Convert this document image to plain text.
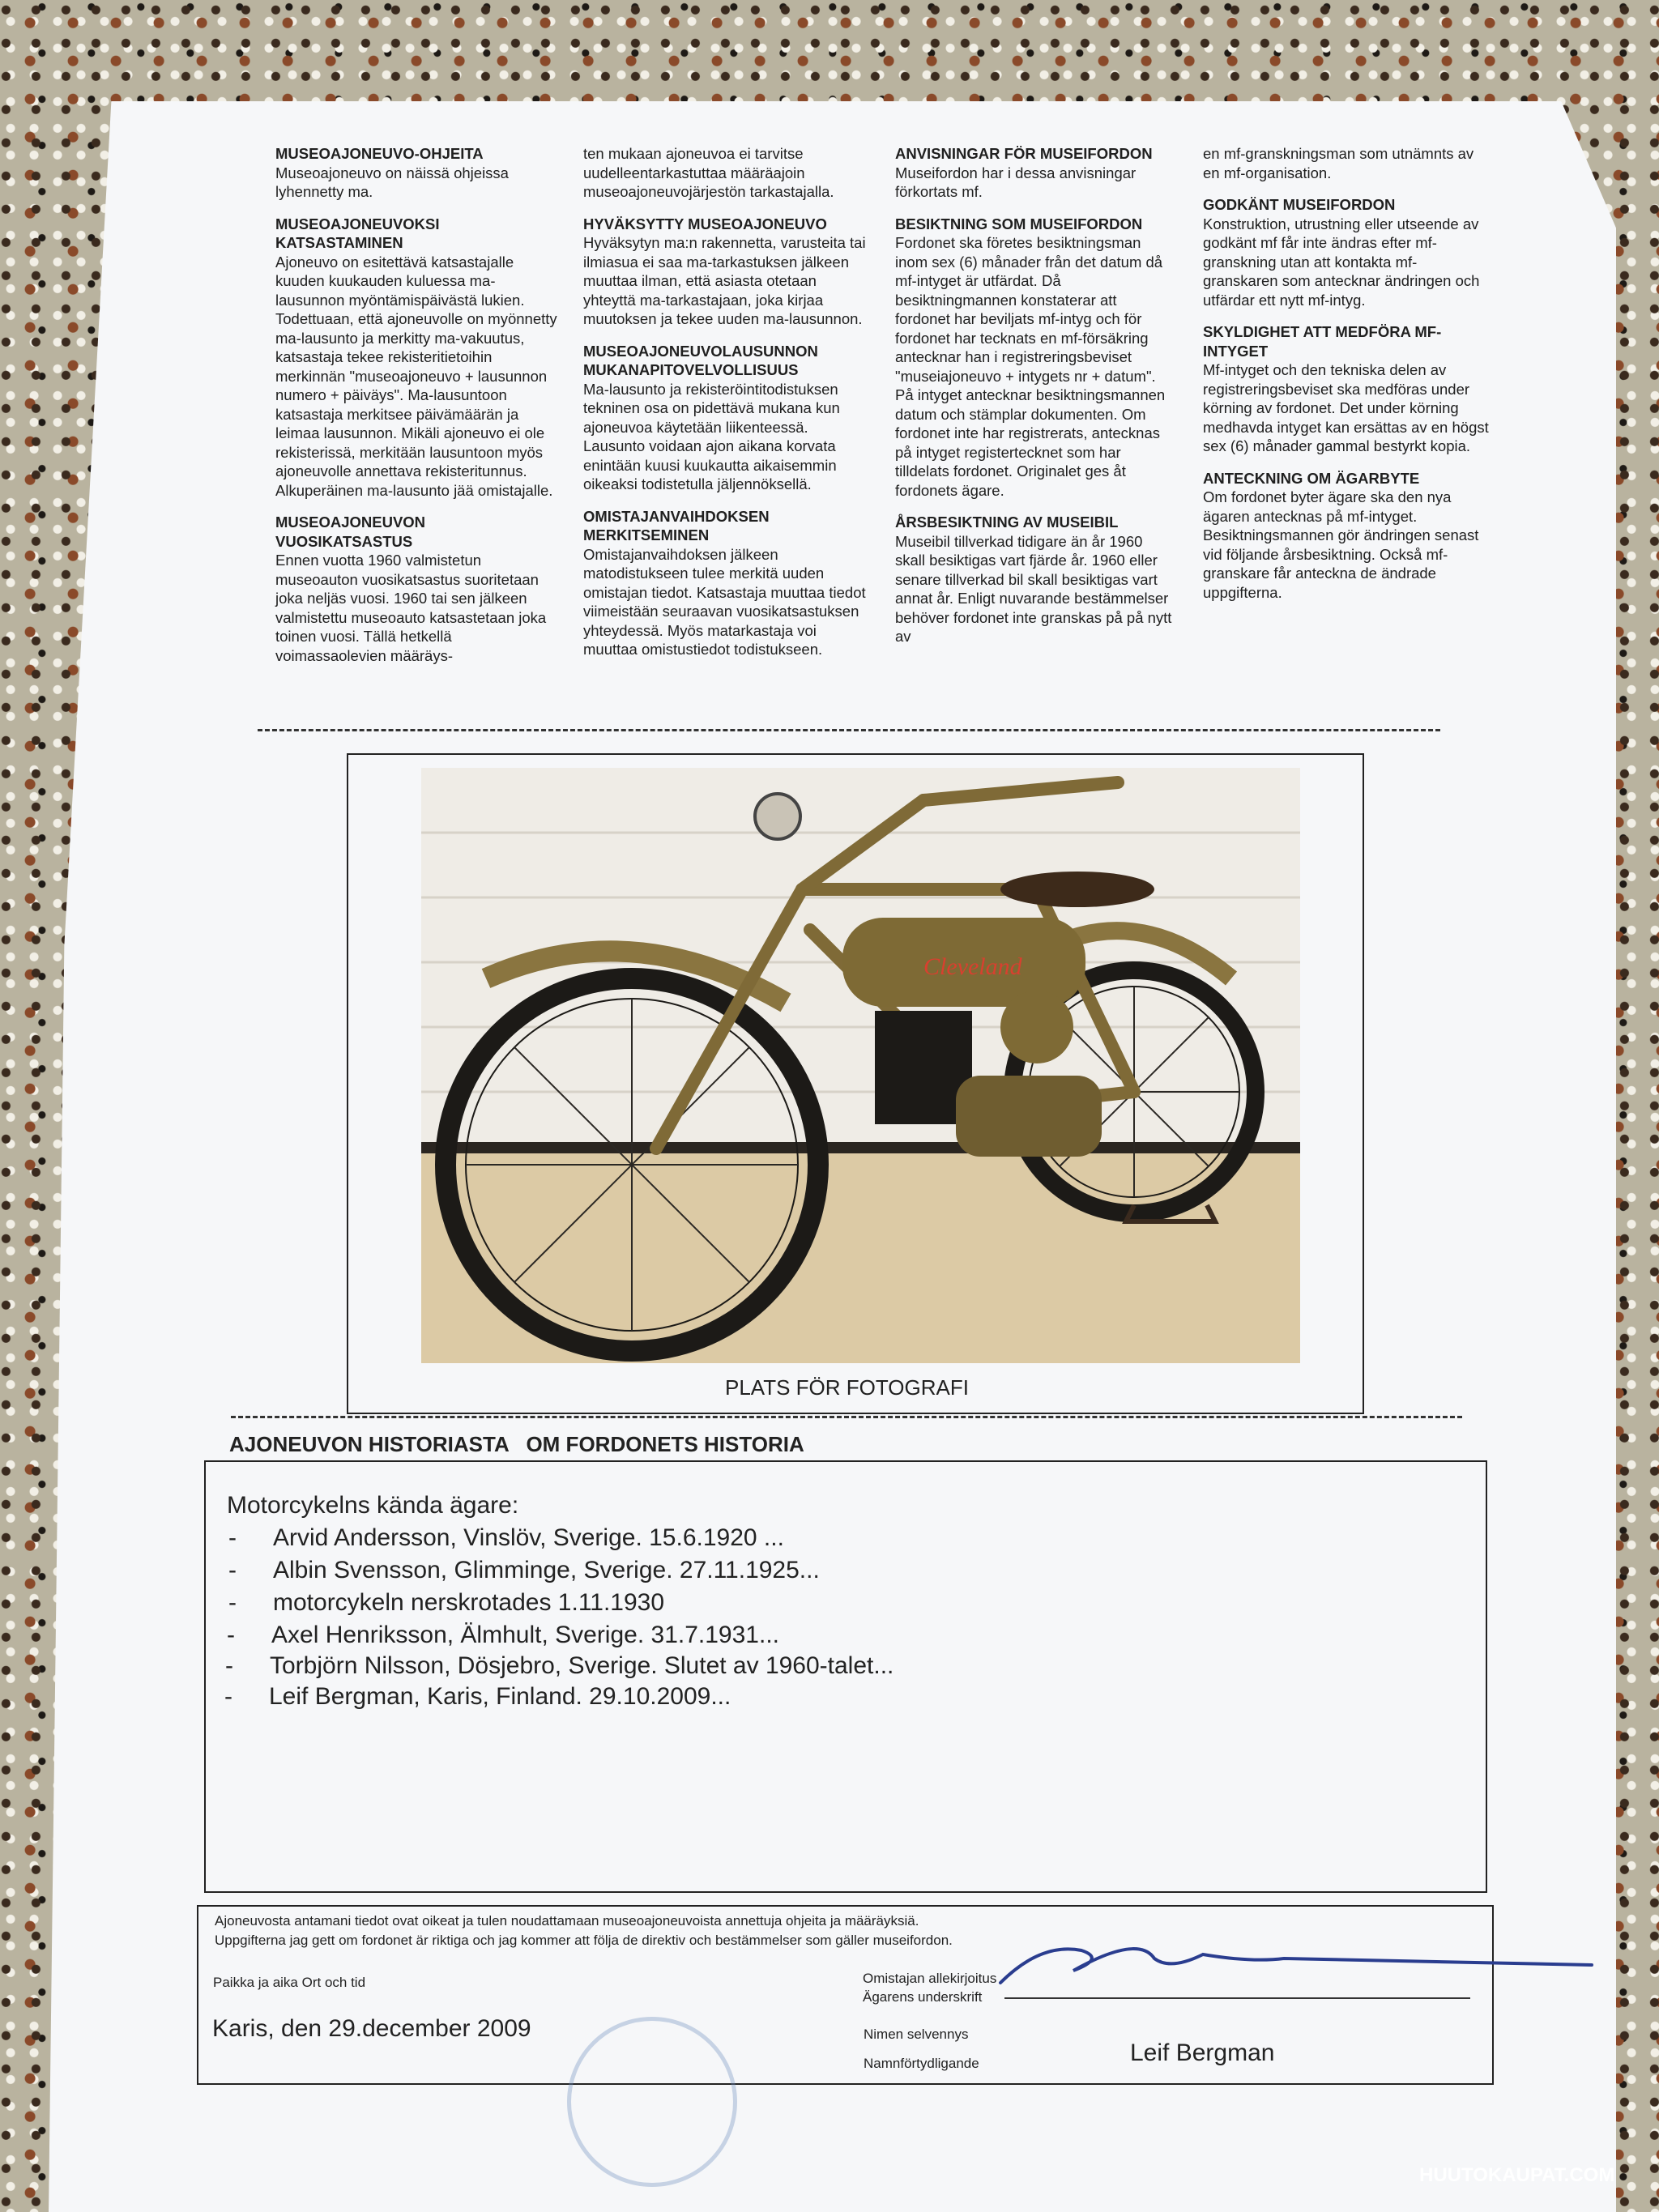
MUSEOAJONEUVO-OHJEITA

Museoajoneuvo on näissä ohjeissa lyhennetty ma.

MUSEOAJONEUVOKSI KATSASTAMINEN

Ajoneuvo on esitettävä katsastajalle kuuden kuukauden kuluessa ma-lausunnon myöntämispäivästä lukien. Todettuaan, että ajoneuvolle on myönnetty ma-lausunto ja merkitty ma-vakuutus, katsastaja tekee rekisteritietoihin merkinnän "museoajoneuvo + lausunnon numero + päiväys". Ma-lausuntoon katsastaja merkitsee päivämäärän ja leimaa lausunnon. Mikäli ajoneuvo ei ole rekisterissä, merkitään lausuntoon myös ajoneuvolle annettava rekisteritunnus. Alkuperäinen ma-lausunto jää omistajalle.

MUSEOAJONEUVON VUOSIKATSASTUS

Ennen vuotta 1960 valmistetun museoauton vuosikatsastus suoritetaan joka neljäs vuosi. 1960 tai sen jälkeen valmistettu museoauto katsastetaan joka toinen vuosi. Tällä hetkellä voimassaolevien määräys-

ten mukaan ajoneuvoa ei tarvitse uudelleentarkastuttaa määräajoin museoajoneuvojärjestön tarkastajalla.

HYVÄKSYTTY MUSEOAJONEUVO

Hyväksytyn ma:n rakennetta, varusteita tai ilmiasua ei saa ma-tarkastuksen jälkeen muuttaa ilman, että asiasta otetaan yhteyttä ma-tarkastajaan, joka kirjaa muutoksen ja tekee uuden ma-lausunnon.

MUSEOAJONEUVOLAUSUNNON MUKANAPITOVELVOLLISUUS

Ma-lausunto ja rekisteröintitodistuksen tekninen osa on pidettävä mukana kun ajoneuvoa käytetään liikenteessä. Lausunto voidaan ajon aikana korvata enintään kuusi kuukautta aikaisemmin oikeaksi todistetulla jäljennöksellä.

OMISTAJANVAIHDOKSEN MERKITSEMINEN

Omistajanvaihdoksen jälkeen matodistukseen tulee merkitä uuden omistajan tiedot. Katsastaja muuttaa tiedot viimeistään seuraavan vuosikatsastuksen yhteydessä. Myös matarkastaja voi muuttaa omistustiedot todistukseen.

ANVISNINGAR FÖR MUSEIFORDON

Museifordon har i dessa anvisningar förkortats mf.

BESIKTNING SOM MUSEIFORDON

Fordonet ska företes besiktningsman inom sex (6) månader från det datum då mf-intyget är utfärdat. Då besiktningmannen konstaterar att fordonet har beviljats mf-intyg och för fordonet har tecknats en mf-försäkring antecknar han i registreringsbeviset "museiajoneuvo + intygets nr + datum". På intyget antecknar besiktningsmannen datum och stämplar dokumenten. Om fordonet inte har registrerats, antecknas på intyget registertecknet som har tilldelats fordonet. Originalet ges åt fordonets ägare.

ÅRSBESIKTNING AV MUSEIBIL

Museibil tillverkad tidigare än år 1960 skall besiktigas vart fjärde år. 1960 eller senare tillverkad bil skall besiktigas vart annat år. Enligt nuvarande bestämmelser behöver fordonet inte granskas på på nytt av

en mf-granskningsman som utnämnts av en mf-organisation.

GODKÄNT MUSEIFORDON

Konstruktion, utrustning eller utseende av godkänt mf får inte ändras efter mf-granskning utan att kontakta mf-granskaren som antecknar ändringen och utfärdar ett nytt mf-intyg.

SKYLDIGHET ATT MEDFÖRA MF-INTYGET

Mf-intyget och den tekniska delen av registreringsbeviset ska medföras under körning av fordonet. Det under körning medhavda intyget kan ersättas av en högst sex (6) månader gammal bestyrkt kopia.

ANTECKNING OM ÄGARBYTE

Om fordonet byter ägare ska den nya ägaren antecknas på mf-intyget. Besiktningsmannen gör ändringen senast vid följande årsbesiktning. Också mf-granskare får anteckna de ändrade uppgifterna.

Cleveland
PLATS FÖR FOTOGRAFI
AJONEUVON HISTORIASTA   OM FORDONETS HISTORIA
Motorcykelns kända ägare:
- Arvid Andersson, Vinslöv, Sverige. 15.6.1920 ...
- Albin Svensson, Glimminge, Sverige. 27.11.1925...
- motorcykeln nerskrotades 1.11.1930
- Axel Henriksson, Älmhult, Sverige. 31.7.1931...
- Torbjörn Nilsson, Dösjebro, Sverige. Slutet av 1960-talet...
- Leif Bergman, Karis, Finland. 29.10.2009...
Ajoneuvosta antamani tiedot ovat oikeat ja tulen noudattamaan museoajoneuvoista annettuja ohjeita ja määräyksiä.
Uppgifterna jag gett om fordonet är riktiga och jag kommer att följa de direktiv och bestämmelser som gäller museifordon.
Paikka ja aika Ort och tid
Karis, den 29.december 2009
Omistajan allekirjoitus
Ägarens underskrift
Nimen selvennys
Namnförtydligande	Leif Bergman
HUUTOKAUPAT.COM
